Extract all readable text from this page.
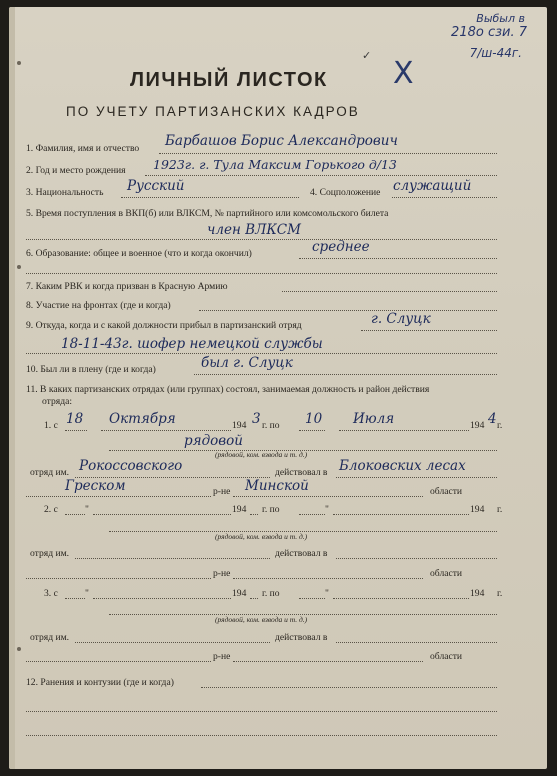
Выбыл в
218о сзи. 7
7/ш-44г.
✓
Х
ЛИЧНЫЙ ЛИСТОК
ПО УЧЕТУ ПАРТИЗАНСКИХ КАДРОВ
1. Фамилия, имя и отчество Барбашов Борис Александрович
2. Год и место рождения 1923г. г. Тула Максим Горького д/13
3. Национальность Русский	4. Соцположение служащий
5. Время поступления в ВКП(б) или ВЛКСМ, № партийного или комсомольского билета
член ВЛКСМ
6. Образование: общее и военное (что и когда окончил)	среднее
7. Каким РВК и когда призван в Красную Армию
8. Участие на фронтах (где и когда)
9. Откуда, когда и с какой должности прибыл в партизанский отряд	г. Слуцк
18-11-43г. шофер немецкой службы
10. Был ли в плену (где и когда)	был г. Слуцк
11. В каких партизанских отрядах (или группах) состоял, занимаемая должность и район действия
отряда:
1. с 18 Октября	194 3 г. по 10 Июля	194 4 г.
рядовой
(рядовой, ком. взвода и т. д.)
отряд им. Рокоссовского	действовал в Блоковских лесах
Греском	р-не Минской	области
2. с	"	194 г. по	"	194 г.
(рядовой, ком. взвода и т. д.)
отряд им.	действовал в
р-не	области
3. с	"	194 г. по	"	194 г.
(рядовой, ком. взвода и т. д.)
отряд им.	действовал в
р-не	области
12. Ранения и контузии (где и когда)
